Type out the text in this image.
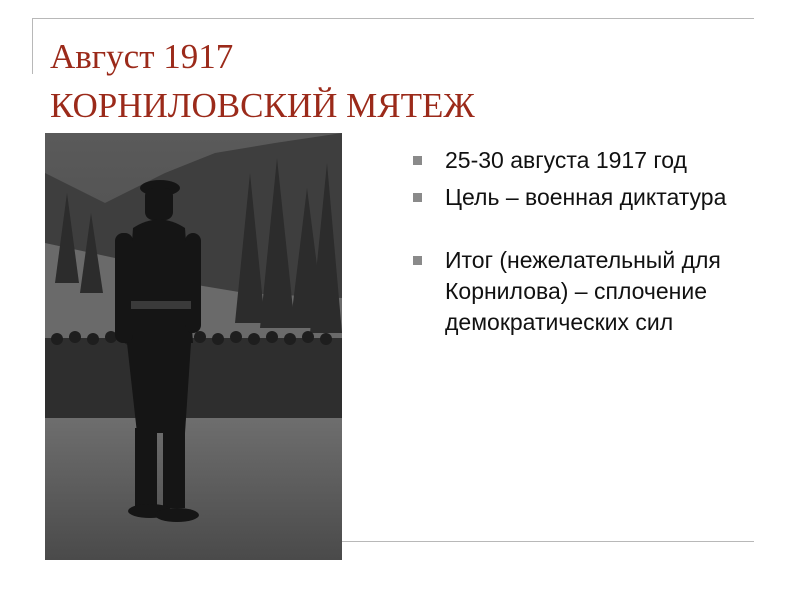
Август 1917
КОРНИЛОВСКИЙ МЯТЕЖ
25-30 августа 1917 год
Цель – военная диктатура
Итог (нежелательный для Корнилова) – сплочение демократических сил
